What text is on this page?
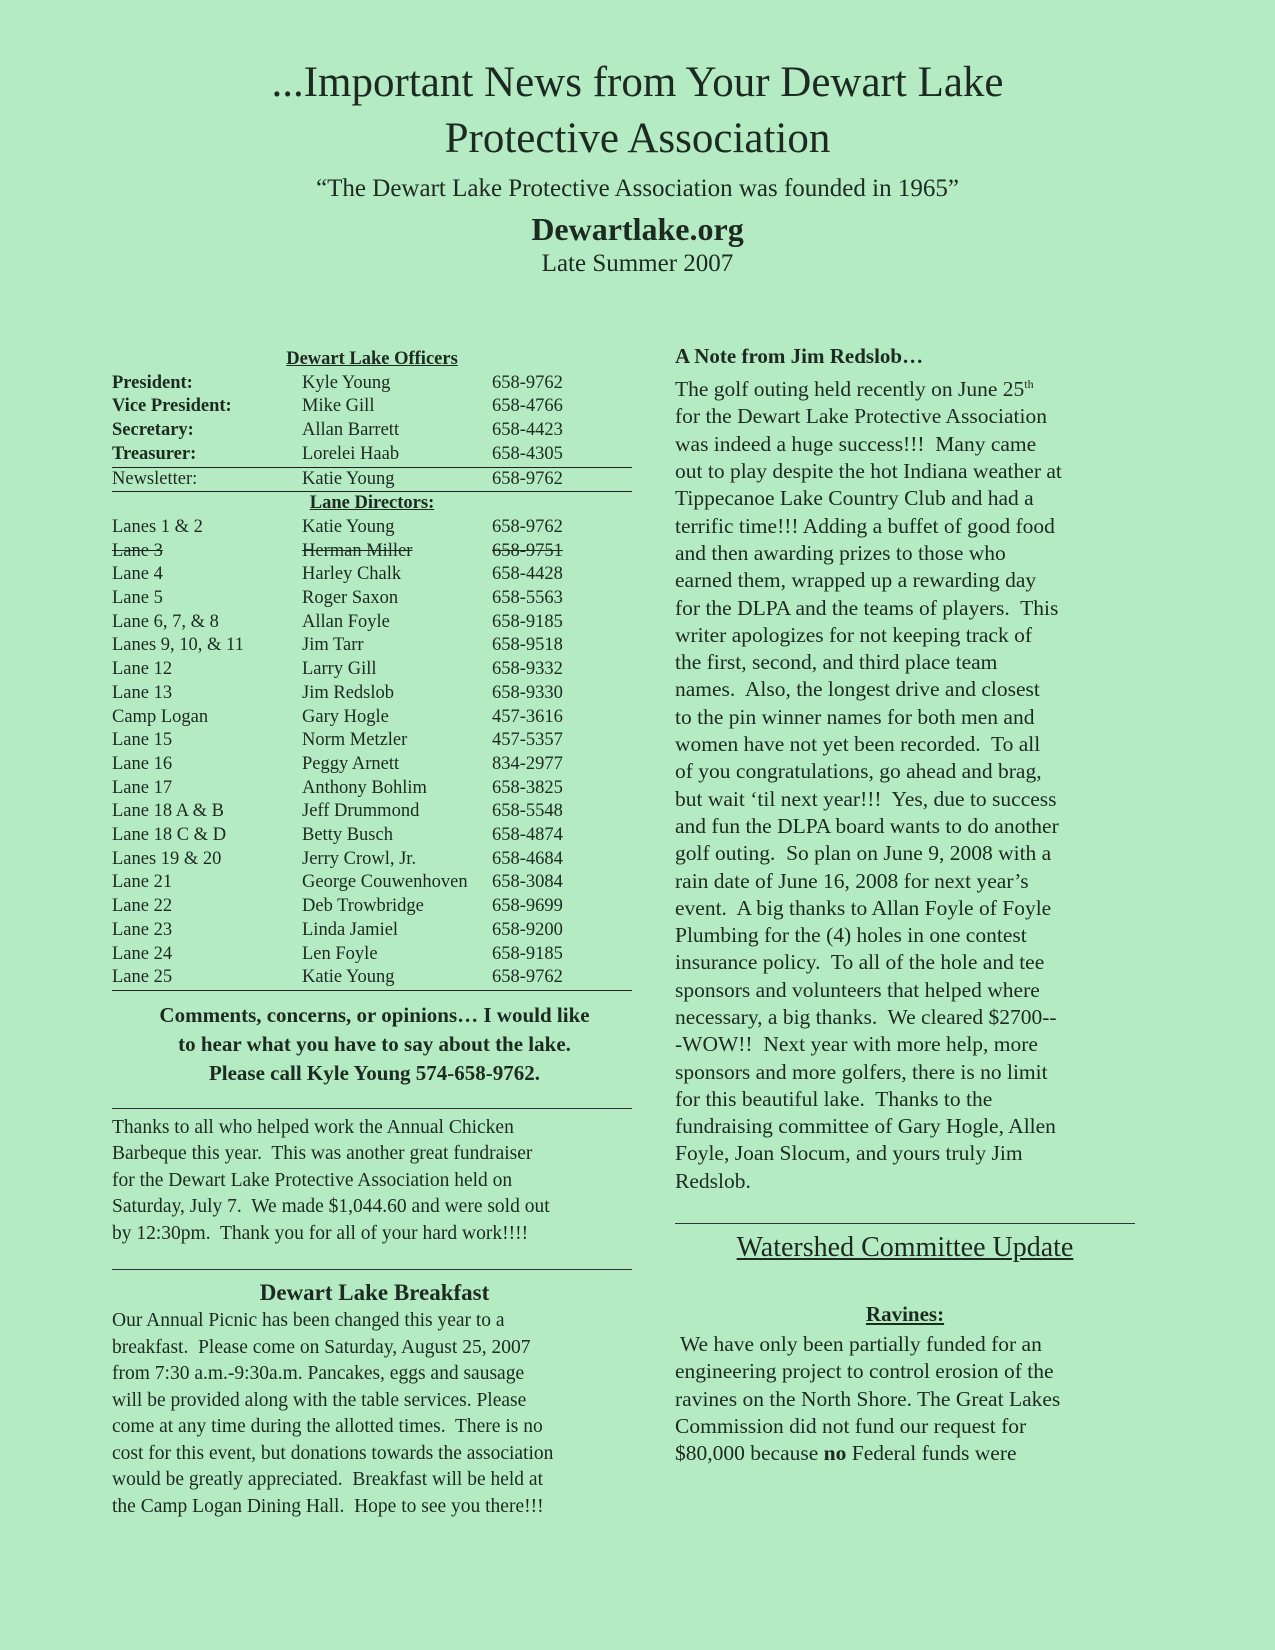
...Important News from Your Dewart Lake
Protective Association
“The Dewart Lake Protective Association was founded in 1965”
Dewartlake.org
Late Summer 2007
Dewart Lake Officers		
President:	Kyle Young	658-9762
Vice President:	Mike Gill	658-4766
Secretary:	Allan Barrett	658-4423
Treasurer:	Lorelei Haab	658-4305
Newsletter:	Katie Young	658-9762
Lane Directors:		
Lanes 1 & 2	Katie Young	658-9762
Lane 3	Herman Miller	658-9751
Lane 4	Harley Chalk	658-4428
Lane 5	Roger Saxon	658-5563
Lane 6, 7, & 8	Allan Foyle	658-9185
Lanes 9, 10, & 11	Jim Tarr	658-9518
Lane 12	Larry Gill	658-9332
Lane 13	Jim Redslob	658-9330
Camp Logan	Gary Hogle	457-3616
Lane 15	Norm Metzler	457-5357
Lane 16	Peggy Arnett	834-2977
Lane 17	Anthony Bohlim	658-3825
Lane 18 A & B	Jeff Drummond	658-5548
Lane 18 C & D	Betty Busch	658-4874
Lanes 19 & 20	Jerry Crowl, Jr.	658-4684
Lane 21	George Couwenhoven	658-3084
Lane 22	Deb Trowbridge	658-9699
Lane 23	Linda Jamiel	658-9200
Lane 24	Len Foyle	658-9185
Lane 25	Katie Young	658-9762
Comments, concerns, or opinions… I would like
to hear what you have to say about the lake.
Please call Kyle Young 574-658-9762.
Thanks to all who helped work the Annual Chicken
Barbeque this year.  This was another great fundraiser
for the Dewart Lake Protective Association held on
Saturday, July 7.  We made $1,044.60 and were sold out
by 12:30pm.  Thank you for all of your hard work!!!!
Dewart Lake Breakfast
Our Annual Picnic has been changed this year to a
breakfast.  Please come on Saturday, August 25, 2007
from 7:30 a.m.-9:30a.m. Pancakes, eggs and sausage
will be provided along with the table services. Please
come at any time during the allotted times.  There is no
cost for this event, but donations towards the association
would be greatly appreciated.  Breakfast will be held at
the Camp Logan Dining Hall.  Hope to see you there!!!
A Note from Jim Redslob…
The golf outing held recently on June 25th
for the Dewart Lake Protective Association
was indeed a huge success!!!  Many came
out to play despite the hot Indiana weather at
Tippecanoe Lake Country Club and had a
terrific time!!! Adding a buffet of good food
and then awarding prizes to those who
earned them, wrapped up a rewarding day
for the DLPA and the teams of players.  This
writer apologizes for not keeping track of
the first, second, and third place team
names.  Also, the longest drive and closest
to the pin winner names for both men and
women have not yet been recorded.  To all
of you congratulations, go ahead and brag,
but wait ‘til next year!!!  Yes, due to success
and fun the DLPA board wants to do another
golf outing.  So plan on June 9, 2008 with a
rain date of June 16, 2008 for next year’s
event.  A big thanks to Allan Foyle of Foyle
Plumbing for the (4) holes in one contest
insurance policy.  To all of the hole and tee
sponsors and volunteers that helped where
necessary, a big thanks.  We cleared $2700--
-WOW!!  Next year with more help, more
sponsors and more golfers, there is no limit
for this beautiful lake.  Thanks to the
fundraising committee of Gary Hogle, Allen
Foyle, Joan Slocum, and yours truly Jim
Redslob.
Watershed Committee Update
Ravines:
We have only been partially funded for an
engineering project to control erosion of the
ravines on the North Shore. The Great Lakes
Commission did not fund our request for
$80,000 because no Federal funds were
